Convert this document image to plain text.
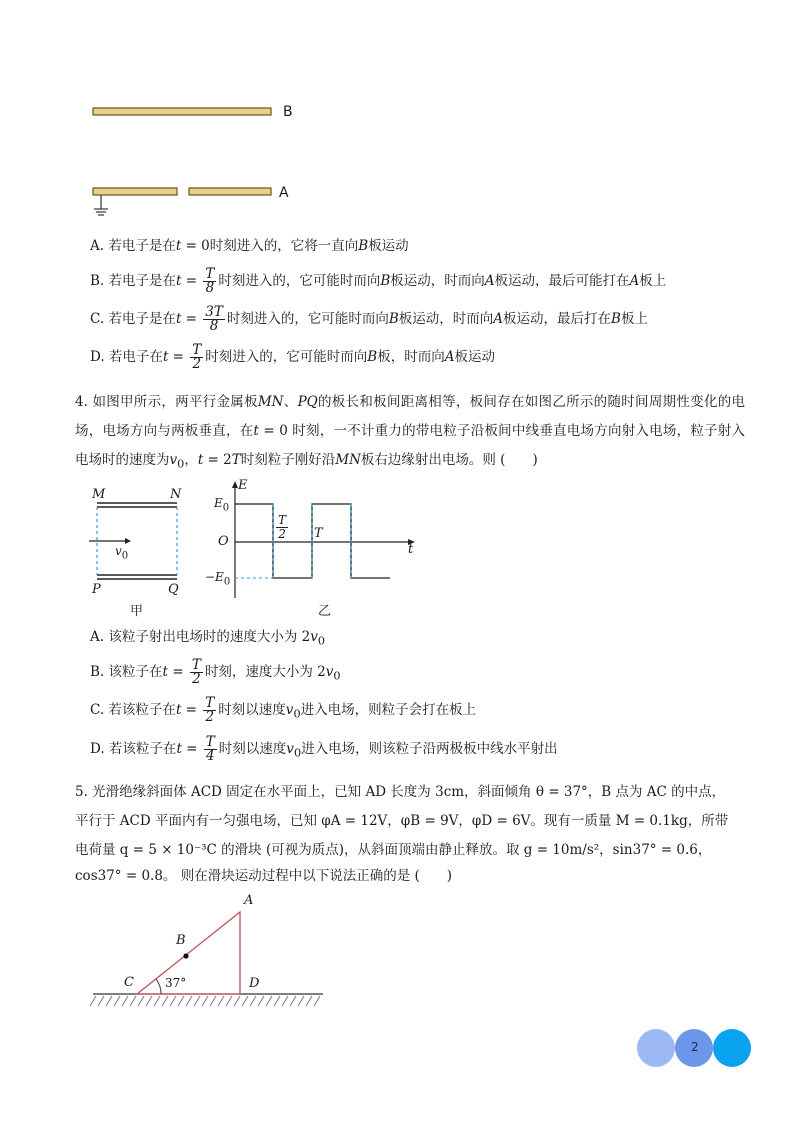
B
A
A. 若电子是在t = 0时刻进入的，它将一直向B板运动
B. 若电子是在$t = \frac{T}{8}$ 时刻进入的，它可能时而向B板运动，时而向A板运动，最后可能打在A板上
C. 若电子是在$t = \frac{3T}{8}$ 时刻进入的，它可能时而向B板运动，时而向A板运动，最后打在B板上
D. 若电子在$t = \frac{T}{2}$ 时刻进入的，它可能时而向B板，时而向A板运动
4. 如图甲所示，两平行金属板MN、PQ的板长和板间距离相等，板间存在如图乙所示的随时间周期性变化的电场，电场方向与两板垂直，在t = 0 时刻，一不计重力的带电粒子沿板间中线垂直电场方向射入电场，粒子射入电场时的速度为$v_0$，t = 2T时刻粒子刚好沿MN板右边缘射出电场。则 (　　)
M	N
P	Q
$v_0$
甲
E
$E_0$
$-E_0$
O
t
$\frac{T}{2}$ T
乙
A. 该粒子射出电场时的速度大小为 $2v_0$
B. 该粒子在$t = \frac{T}{2}$ 时刻，速度大小为 $2v_0$
C. 若该粒子在$t = \frac{T}{2}$ 时刻以速度$v_0$进入电场，则粒子会打在板上
D. 若该粒子在$t = \frac{T}{4}$ 时刻以速度$v_0$进入电场，则该粒子沿两极板中线水平射出
5. 光滑绝缘斜面体 ACD 固定在水平面上，已知 AD 长度为 3cm，斜面倾角 θ = 37°，B 点为 AC 的中点，
平行于 ACD 平面内有一匀强电场，已知 φA = 12V，φB = 9V，φD = 6V。现有一质量 M = 0.1kg，所带
电荷量 q = 5 × 10⁻³C 的滑块 (可视为质点)，从斜面顶端由静止释放。取 g = 10m/s²，sin37° = 0.6，
cos37° = 0.8。 则在滑块运动过程中以下说法正确的是 (　　)
A
B
C	D
37°
2
